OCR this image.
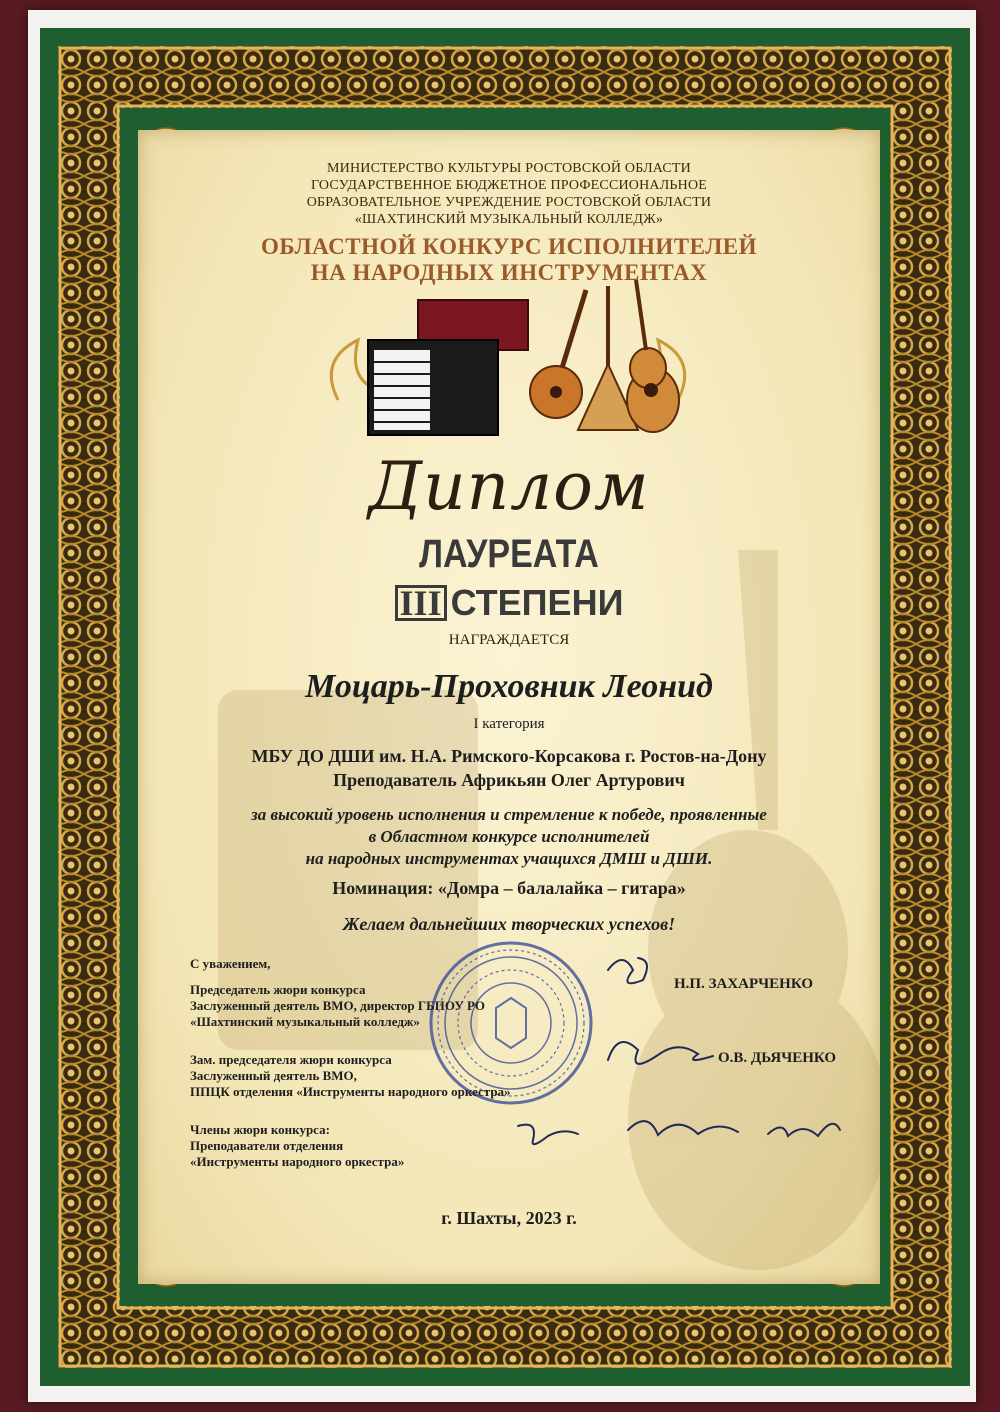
МИНИСТЕРСТВО КУЛЬТУРЫ РОСТОВСКОЙ ОБЛАСТИ
ГОСУДАРСТВЕННОЕ БЮДЖЕТНОЕ ПРОФЕССИОНАЛЬНОЕ
ОБРАЗОВАТЕЛЬНОЕ УЧРЕЖДЕНИЕ РОСТОВСКОЙ ОБЛАСТИ
«ШАХТИНСКИЙ МУЗЫКАЛЬНЫЙ КОЛЛЕДЖ»
ОБЛАСТНОЙ КОНКУРС ИСПОЛНИТЕЛЕЙ
НА НАРОДНЫХ ИНСТРУМЕНТАХ
Диплом
ЛАУРЕАТА
III СТЕПЕНИ
НАГРАЖДАЕТСЯ
Моцарь-Проховник Леонид
I категория
МБУ ДО ДШИ им. Н.А. Римского-Корсакова г. Ростов-на-Дону
Преподаватель Африкьян Олег Артурович
за высокий уровень исполнения и стремление к победе, проявленные
в Областном конкурсе исполнителей
на народных инструментах учащихся ДМШ и ДШИ.
Номинация: «Домра – балалайка – гитара»
Желаем дальнейших творческих успехов!
С уважением,
Председатель жюри конкурса
Заслуженный деятель ВМО, директор ГБПОУ РО
«Шахтинский музыкальный колледж»
Н.П. ЗАХАРЧЕНКО
Зам. председателя жюри конкурса
Заслуженный деятель ВМО,
ППЦК отделения «Инструменты народного оркестра»
О.В. ДЬЯЧЕНКО
Члены жюри конкурса:
Преподаватели отделения
«Инструменты народного оркестра»
г. Шахты, 2023 г.
